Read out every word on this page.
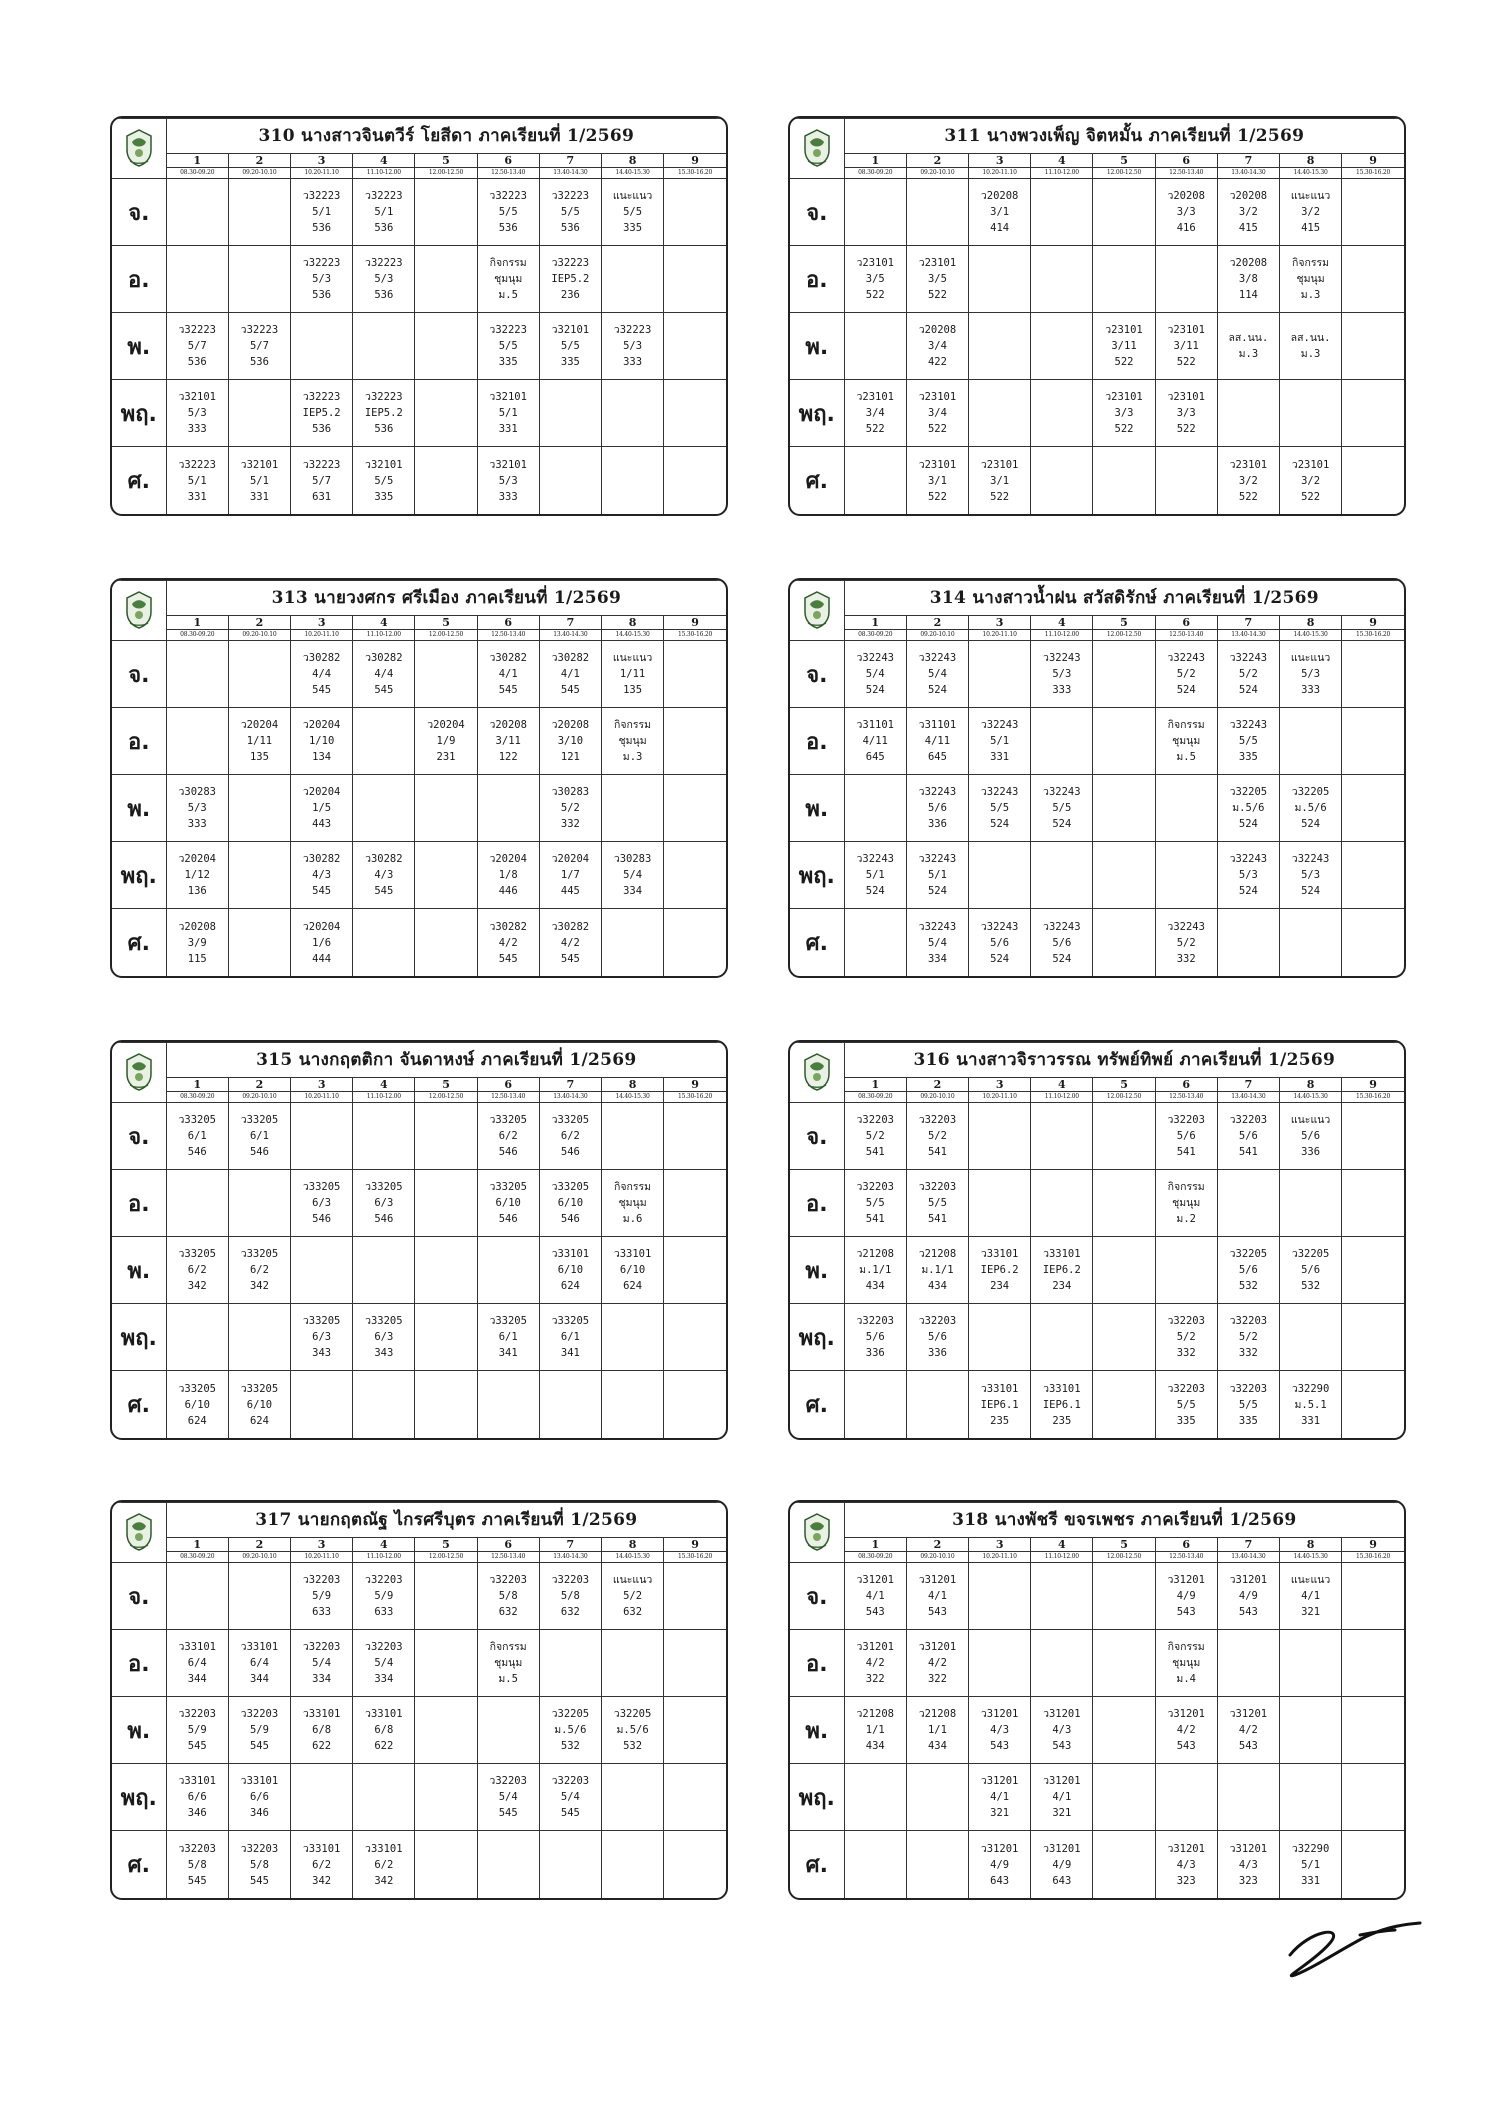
	310 นางสาวจินตวีร์ โยสีดา ภาคเรียนที่ 1/2569								
	1	2	3	4	5	6	7	8	9
	08.30-09.20	09.20-10.10	10.20-11.10	11.10-12.00	12.00-12.50	12.50-13.40	13.40-14.30	14.40-15.30	15.30-16.20
จ.			ว32223
5/1
536	ว32223
5/1
536		ว32223
5/5
536	ว32223
5/5
536	แนะแนว
5/5
335	

อ.			ว32223
5/3
536	ว32223
5/3
536		กิจกรรม
ชุมนุม
ม.5	ว32223
IEP5.2
236		

พ.	ว32223
5/7
536	ว32223
5/7
536				ว32223
5/5
335	ว32101
5/5
335	ว32223
5/3
333	

พฤ.	ว32101
5/3
333		ว32223
IEP5.2
536	ว32223
IEP5.2
536		ว32101
5/1
331			

ศ.	ว32223
5/1
331	ว32101
5/1
331	ว32223
5/7
631	ว32101
5/5
335		ว32101
5/3
333			

	311 นางพวงเพ็ญ จิตหมั้น ภาคเรียนที่ 1/2569								
	1	2	3	4	5	6	7	8	9
	08.30-09.20	09.20-10.10	10.20-11.10	11.10-12.00	12.00-12.50	12.50-13.40	13.40-14.30	14.40-15.30	15.30-16.20
จ.			ว20208
3/1
414			ว20208
3/3
416	ว20208
3/2
415	แนะแนว
3/2
415	

อ.	ว23101
3/5
522	ว23101
3/5
522					ว20208
3/8
114	กิจกรรม
ชุมนุม
ม.3	

พ.		ว20208
3/4
422			ว23101
3/11
522	ว23101
3/11
522	ลส.นน.
ม.3	ลส.นน.
ม.3	

พฤ.	ว23101
3/4
522	ว23101
3/4
522			ว23101
3/3
522	ว23101
3/3
522			

ศ.		ว23101
3/1
522	ว23101
3/1
522				ว23101
3/2
522	ว23101
3/2
522	

	313 นายวงศกร ศรีเมือง ภาคเรียนที่ 1/2569								
	1	2	3	4	5	6	7	8	9
	08.30-09.20	09.20-10.10	10.20-11.10	11.10-12.00	12.00-12.50	12.50-13.40	13.40-14.30	14.40-15.30	15.30-16.20
จ.			ว30282
4/4
545	ว30282
4/4
545		ว30282
4/1
545	ว30282
4/1
545	แนะแนว
1/11
135	

อ.		ว20204
1/11
135	ว20204
1/10
134		ว20204
1/9
231	ว20208
3/11
122	ว20208
3/10
121	กิจกรรม
ชุมนุม
ม.3	

พ.	ว30283
5/3
333		ว20204
1/5
443				ว30283
5/2
332		

พฤ.	ว20204
1/12
136		ว30282
4/3
545	ว30282
4/3
545		ว20204
1/8
446	ว20204
1/7
445	ว30283
5/4
334	

ศ.	ว20208
3/9
115		ว20204
1/6
444			ว30282
4/2
545	ว30282
4/2
545		

	314 นางสาวน้ำฝน สวัสดิรักษ์ ภาคเรียนที่ 1/2569								
	1	2	3	4	5	6	7	8	9
	08.30-09.20	09.20-10.10	10.20-11.10	11.10-12.00	12.00-12.50	12.50-13.40	13.40-14.30	14.40-15.30	15.30-16.20
จ.	ว32243
5/4
524	ว32243
5/4
524		ว32243
5/3
333		ว32243
5/2
524	ว32243
5/2
524	แนะแนว
5/3
333	

อ.	ว31101
4/11
645	ว31101
4/11
645	ว32243
5/1
331			กิจกรรม
ชุมนุม
ม.5	ว32243
5/5
335		

พ.		ว32243
5/6
336	ว32243
5/5
524	ว32243
5/5
524			ว32205
ม.5/6
524	ว32205
ม.5/6
524	

พฤ.	ว32243
5/1
524	ว32243
5/1
524					ว32243
5/3
524	ว32243
5/3
524	

ศ.		ว32243
5/4
334	ว32243
5/6
524	ว32243
5/6
524		ว32243
5/2
332			

	315 นางกฤตติกา จันดาหงษ์ ภาคเรียนที่ 1/2569								
	1	2	3	4	5	6	7	8	9
	08.30-09.20	09.20-10.10	10.20-11.10	11.10-12.00	12.00-12.50	12.50-13.40	13.40-14.30	14.40-15.30	15.30-16.20
จ.	ว33205
6/1
546	ว33205
6/1
546				ว33205
6/2
546	ว33205
6/2
546		

อ.			ว33205
6/3
546	ว33205
6/3
546		ว33205
6/10
546	ว33205
6/10
546	กิจกรรม
ชุมนุม
ม.6	

พ.	ว33205
6/2
342	ว33205
6/2
342					ว33101
6/10
624	ว33101
6/10
624	

พฤ.			ว33205
6/3
343	ว33205
6/3
343		ว33205
6/1
341	ว33205
6/1
341		

ศ.	ว33205
6/10
624	ว33205
6/10
624							

	316 นางสาวจิราวรรณ ทรัพย์ทิพย์ ภาคเรียนที่ 1/2569								
	1	2	3	4	5	6	7	8	9
	08.30-09.20	09.20-10.10	10.20-11.10	11.10-12.00	12.00-12.50	12.50-13.40	13.40-14.30	14.40-15.30	15.30-16.20
จ.	ว32203
5/2
541	ว32203
5/2
541				ว32203
5/6
541	ว32203
5/6
541	แนะแนว
5/6
336	

อ.	ว32203
5/5
541	ว32203
5/5
541				กิจกรรม
ชุมนุม
ม.2			

พ.	ว21208
ม.1/1
434	ว21208
ม.1/1
434	ว33101
IEP6.2
234	ว33101
IEP6.2
234			ว32205
5/6
532	ว32205
5/6
532	

พฤ.	ว32203
5/6
336	ว32203
5/6
336				ว32203
5/2
332	ว32203
5/2
332		

ศ.			ว33101
IEP6.1
235	ว33101
IEP6.1
235		ว32203
5/5
335	ว32203
5/5
335	ว32290
ม.5.1
331	

	317 นายกฤตณัฐ ไกรศรีบุตร ภาคเรียนที่ 1/2569								
	1	2	3	4	5	6	7	8	9
	08.30-09.20	09.20-10.10	10.20-11.10	11.10-12.00	12.00-12.50	12.50-13.40	13.40-14.30	14.40-15.30	15.30-16.20
จ.			ว32203
5/9
633	ว32203
5/9
633		ว32203
5/8
632	ว32203
5/8
632	แนะแนว
5/2
632	

อ.	ว33101
6/4
344	ว33101
6/4
344	ว32203
5/4
334	ว32203
5/4
334		กิจกรรม
ชุมนุม
ม.5			

พ.	ว32203
5/9
545	ว32203
5/9
545	ว33101
6/8
622	ว33101
6/8
622			ว32205
ม.5/6
532	ว32205
ม.5/6
532	

พฤ.	ว33101
6/6
346	ว33101
6/6
346				ว32203
5/4
545	ว32203
5/4
545		

ศ.	ว32203
5/8
545	ว32203
5/8
545	ว33101
6/2
342	ว33101
6/2
342					

	318 นางพัชรี ขจรเพชร ภาคเรียนที่ 1/2569								
	1	2	3	4	5	6	7	8	9
	08.30-09.20	09.20-10.10	10.20-11.10	11.10-12.00	12.00-12.50	12.50-13.40	13.40-14.30	14.40-15.30	15.30-16.20
จ.	ว31201
4/1
543	ว31201
4/1
543				ว31201
4/9
543	ว31201
4/9
543	แนะแนว
4/1
321	

อ.	ว31201
4/2
322	ว31201
4/2
322				กิจกรรม
ชุมนุม
ม.4			

พ.	ว21208
1/1
434	ว21208
1/1
434	ว31201
4/3
543	ว31201
4/3
543		ว31201
4/2
543	ว31201
4/2
543		

พฤ.			ว31201
4/1
321	ว31201
4/1
321					

ศ.			ว31201
4/9
643	ว31201
4/9
643		ว31201
4/3
323	ว31201
4/3
323	ว32290
5/1
331	
